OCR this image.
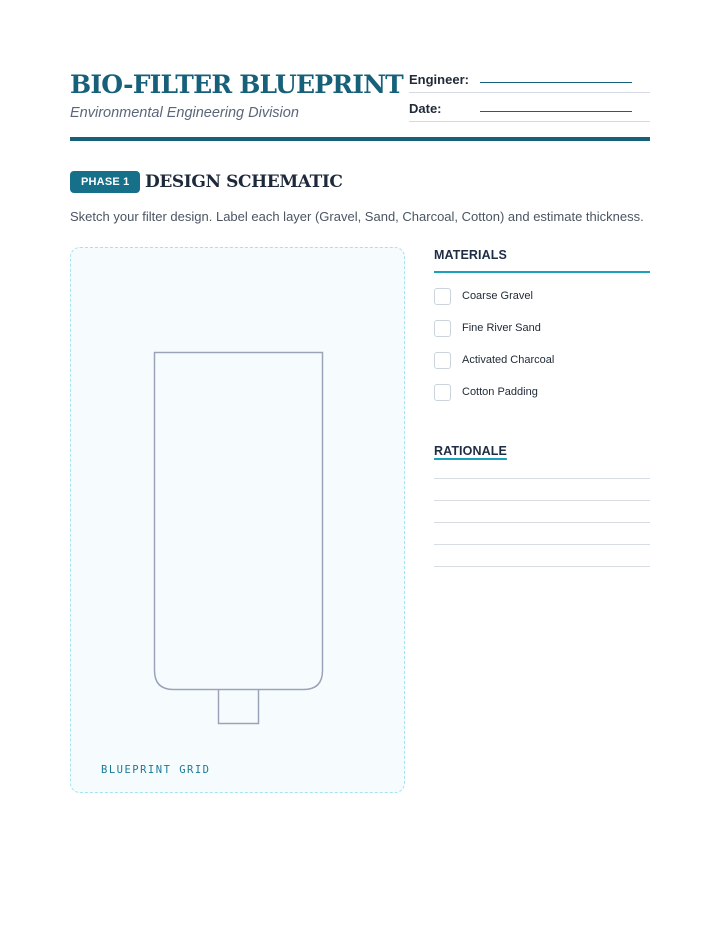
BIO-FILTER BLUEPRINT
Environmental Engineering Division
Engineer:
Date:
PHASE 1 DESIGN SCHEMATIC
Sketch your filter design. Label each layer (Gravel, Sand, Charcoal, Cotton) and estimate thickness.
BLUEPRINT GRID
MATERIALS
Coarse Gravel
Fine River Sand
Activated Charcoal
Cotton Padding
RATIONALE
